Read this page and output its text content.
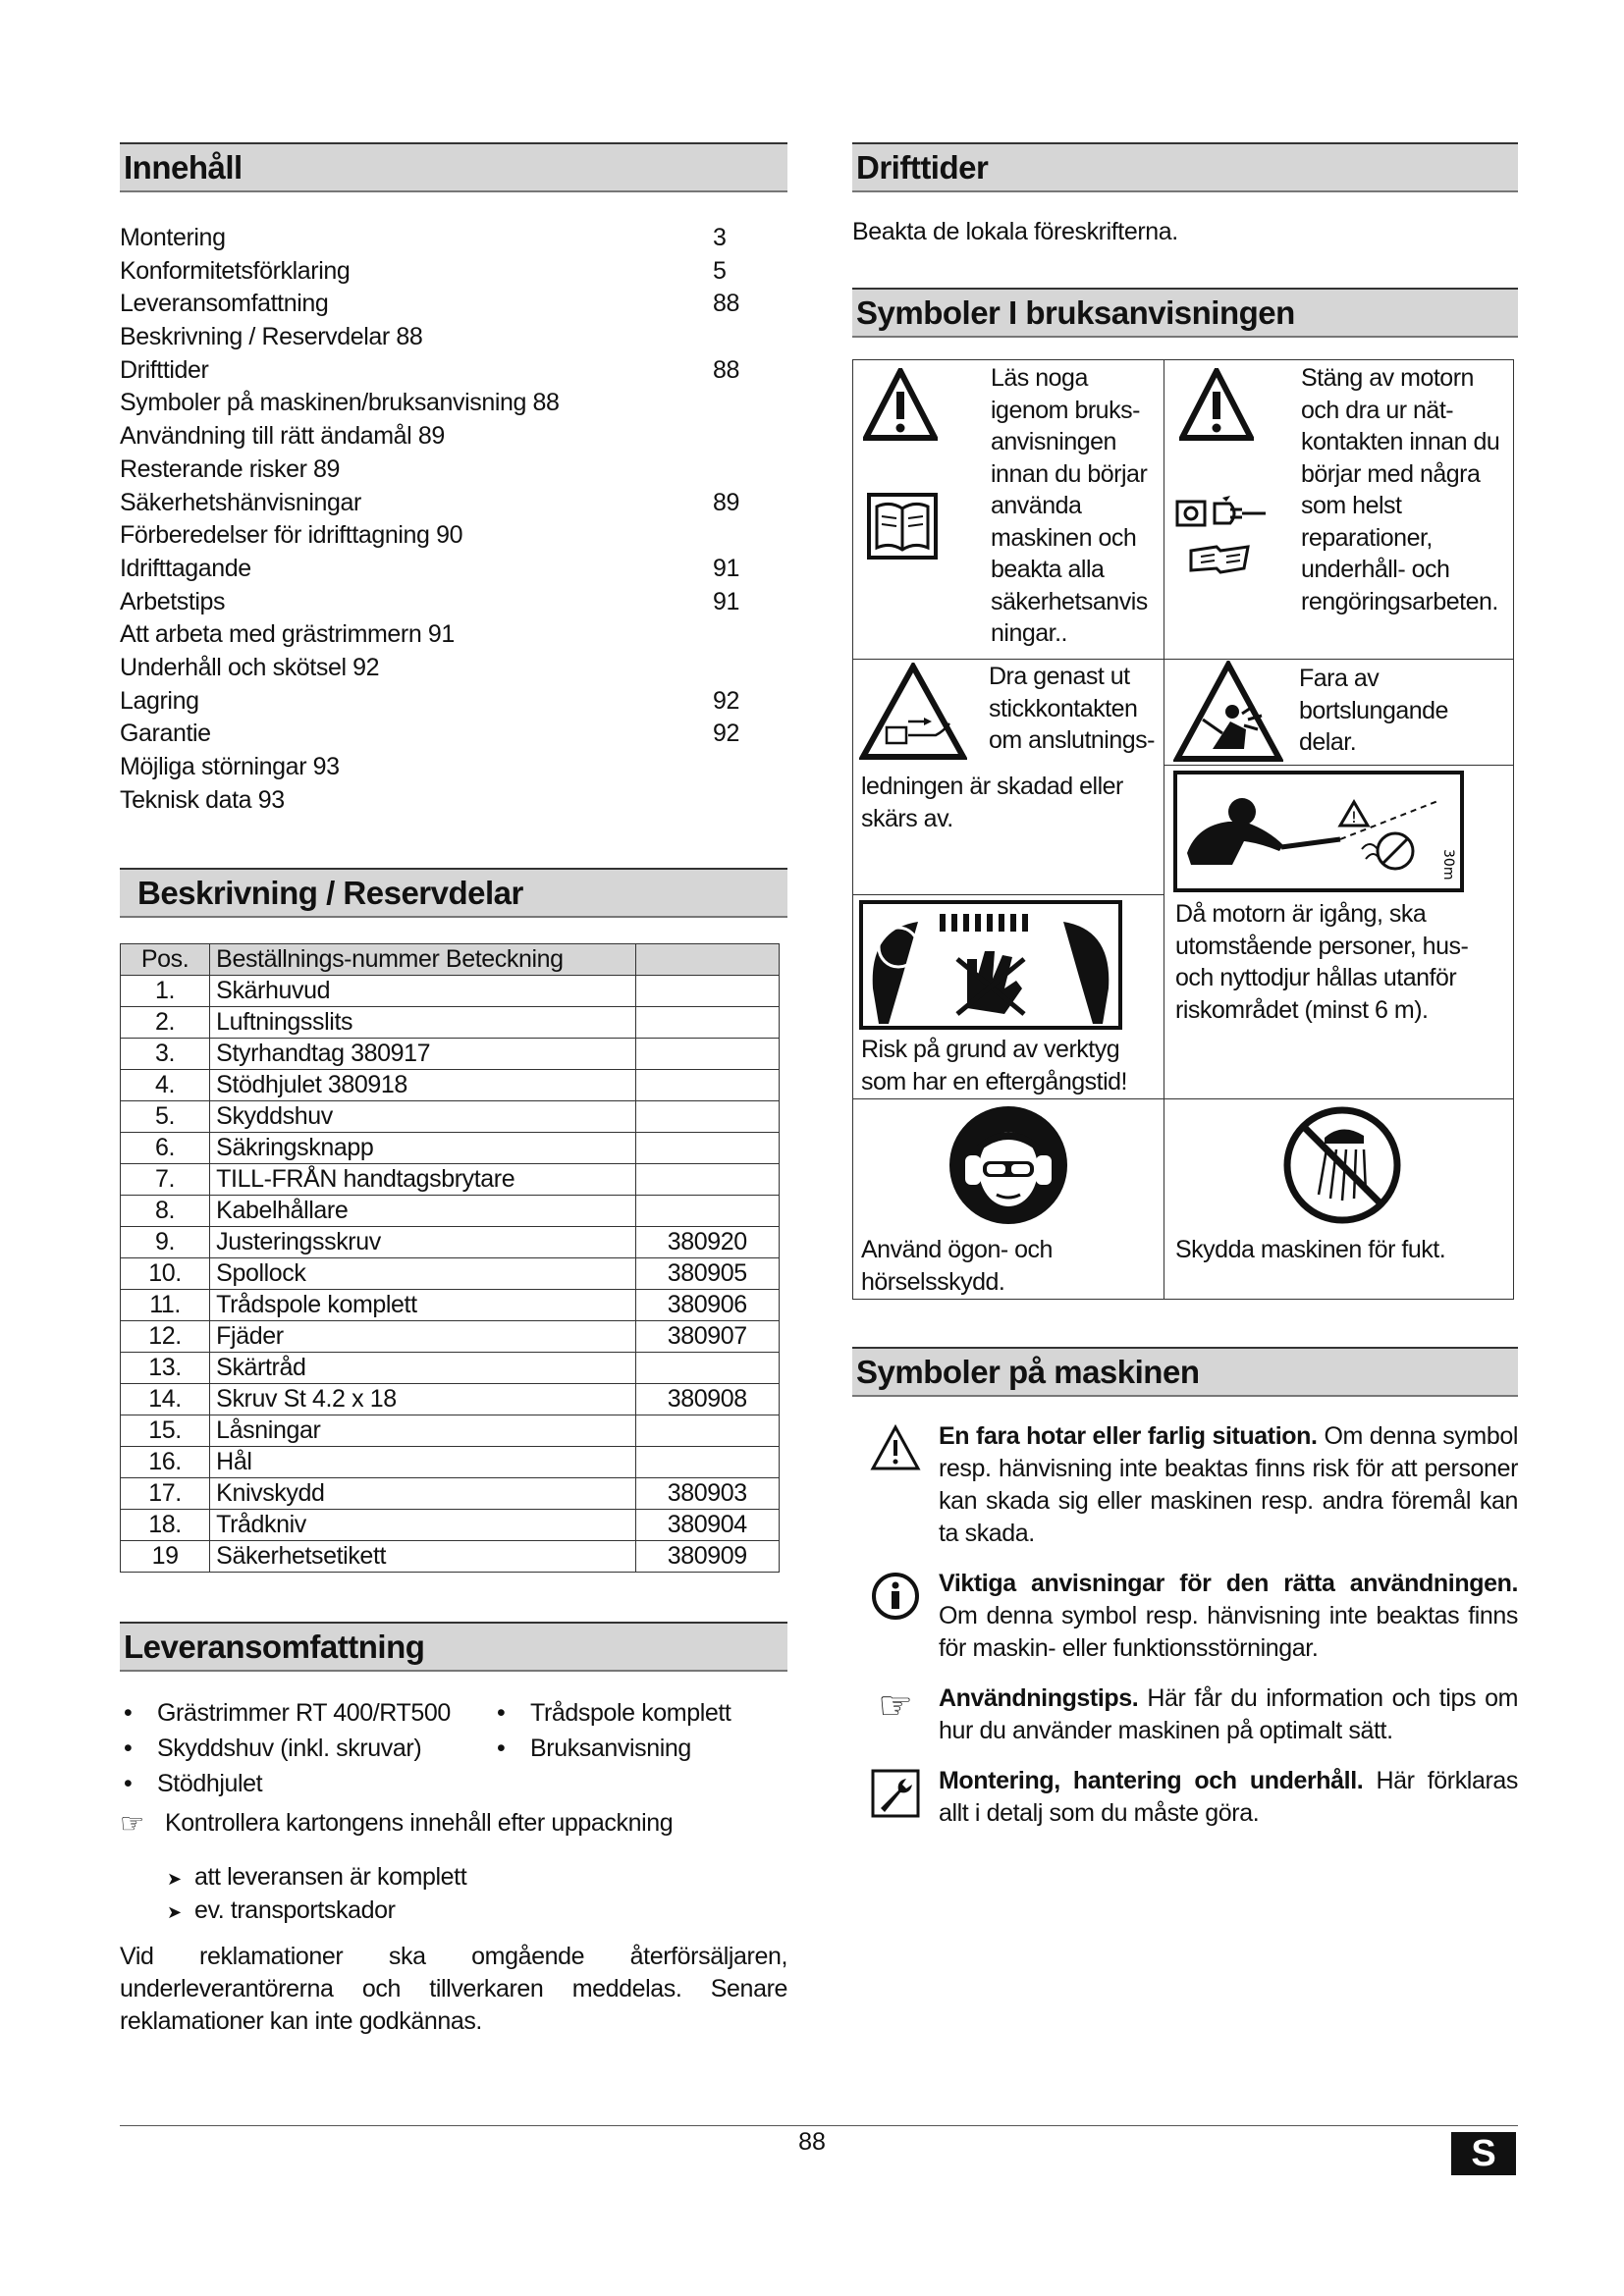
Innehåll
Montering	3
Konformitetsförklaring	5
Leveransomfattning	88
Beskrivning / Reservdelar 88
Drifttider	88
Symboler på maskinen/bruksanvisning 88
Användning till rätt ändamål 89
Resterande risker 89
Säkerhetshänvisningar	89
Förberedelser för idrifttagning 90
Idrifttagande	91
Arbetstips	91
Att arbeta med grästrimmern 91
Underhåll och skötsel 92
Lagring	92
Garantie	92
Möjliga störningar 93
Teknisk data 93
Beskrivning / Reservdelar
Pos.	Beställnings-nummer Beteckning	
1.	Skärhuvud	
2.	Luftningsslits	
3.	Styrhandtag 380917	
4.	Stödhjulet 380918	
5.	Skyddshuv	
6.	Säkringsknapp	
7.	TILL-FRÅN handtagsbrytare	
8.	Kabelhållare	
9.	Justeringsskruv	380920
10.	Spollock	380905
11.	Trådspole komplett	380906
12.	Fjäder	380907
13.	Skärtråd	
14.	Skruv St 4.2 x 18	380908
15.	Låsningar	
16.	Hål	
17.	Knivskydd	380903
18.	Trådkniv	380904
19	Säkerhetsetikett	380909
Leveransomfattning
• Grästrimmer RT 400/RT500	• Trådspole komplett
• Skyddshuv (inkl. skruvar)	• Bruksanvisning
• Stödhjulet
☞ Kontrollera kartongens innehåll efter uppackning
➤ att leveransen är komplett
➤ ev. transportskador
Vid reklamationer ska omgående återförsäljaren, underleverantörerna och tillverkaren meddelas. Senare reklamationer kan inte godkännas.
Drifttider
Beakta de lokala föreskrifterna.
Symboler I bruksanvisningen
Läs noga
igenom bruks-
anvisningen
innan du börjar
använda
maskinen och
beakta alla
säkerhetsanvis
ningar..
Stäng av motorn
och dra ur nät-
kontakten innan du
börjar med några
som helst
reparationer,
underhåll- och
rengöringsarbeten.
Dra genast ut
stickkontakten
om anslutnings-
ledningen är skadad eller
skärs av.
Fara av
bortslungande
delar.
!
30m
Risk på grund av verktyg
som har en eftergångstid!
Då motorn är igång, ska
utomstående personer, hus-
och nyttodjur hållas utanför
riskområdet (minst 6 m).
Använd ögon- och
hörselsskydd.
Skydda maskinen för fukt.
Symboler på maskinen
En fara hotar eller farlig situation. Om denna symbol resp. hänvisning inte beaktas finns risk för att personer kan skada sig eller maskinen resp. andra föremål kan ta skada.
Viktiga anvisningar för den rätta användningen. Om denna symbol resp. hänvisning inte beaktas finns för maskin- eller funktionsstörningar.
☞ Användningstips. Här får du information och tips om hur du använder maskinen på optimalt sätt.
Montering, hantering och underhåll. Här förklaras allt i detalj som du måste göra.
88	S
